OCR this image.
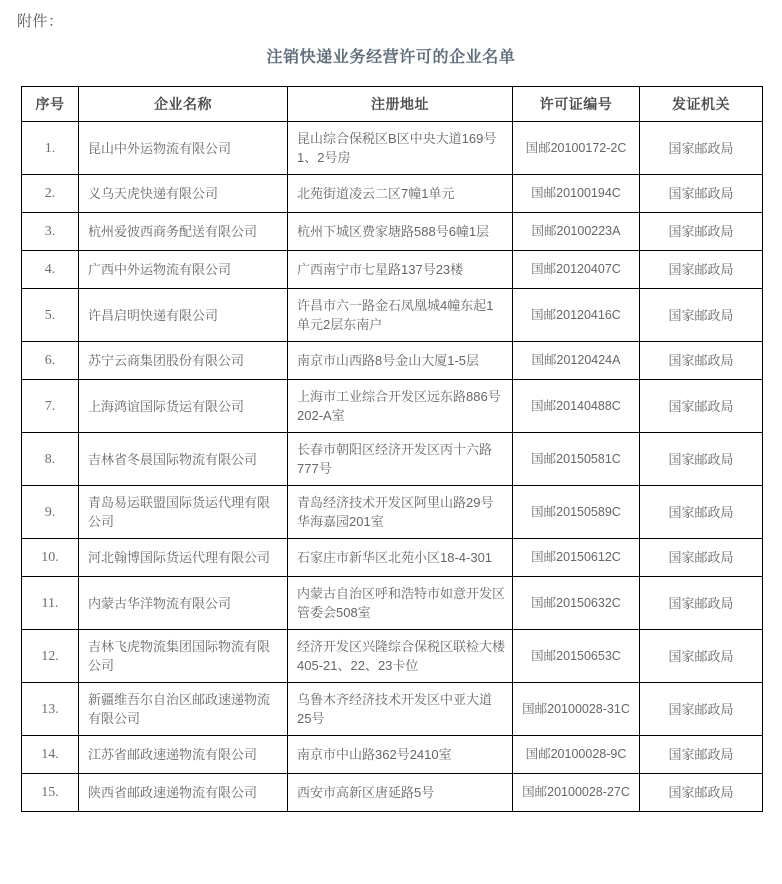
附件：
注销快递业务经营许可的企业名单
序号	企业名称	注册地址	许可证编号	发证机关
1.	昆山中外运物流有限公司	昆山综合保税区B区中央大道169号1、2号房	国邮20100172-2C	国家邮政局
2.	义乌天虎快递有限公司	北苑街道凌云二区7幢1单元	国邮20100194C	国家邮政局
3.	杭州爱彼西商务配送有限公司	杭州下城区费家塘路588号6幢1层	国邮20100223A	国家邮政局
4.	广西中外运物流有限公司	广西南宁市七星路137号23楼	国邮20120407C	国家邮政局
5.	许昌启明快递有限公司	许昌市六一路金石凤凰城4幢东起1单元2层东南户	国邮20120416C	国家邮政局
6.	苏宁云商集团股份有限公司	南京市山西路8号金山大厦1-5层	国邮20120424A	国家邮政局
7.	上海鸿谊国际货运有限公司	上海市工业综合开发区远东路886号202-A室	国邮20140488C	国家邮政局
8.	吉林省冬晨国际物流有限公司	长春市朝阳区经济开发区丙十六路777号	国邮20150581C	国家邮政局
9.	青岛易运联盟国际货运代理有限公司	青岛经济技术开发区阿里山路29号华海嘉园201室	国邮20150589C	国家邮政局
10.	河北翰博国际货运代理有限公司	石家庄市新华区北苑小区18-4-301	国邮20150612C	国家邮政局
11.	内蒙古华洋物流有限公司	内蒙古自治区呼和浩特市如意开发区管委会508室	国邮20150632C	国家邮政局
12.	吉林飞虎物流集团国际物流有限公司	经济开发区兴隆综合保税区联检大楼405-21、22、23卡位	国邮20150653C	国家邮政局
13.	新疆维吾尔自治区邮政速递物流有限公司	乌鲁木齐经济技术开发区中亚大道25号	国邮20100028-31C	国家邮政局
14.	江苏省邮政速递物流有限公司	南京市中山路362号2410室	国邮20100028-9C	国家邮政局
15.	陕西省邮政速递物流有限公司	西安市高新区唐延路5号	国邮20100028-27C	国家邮政局
